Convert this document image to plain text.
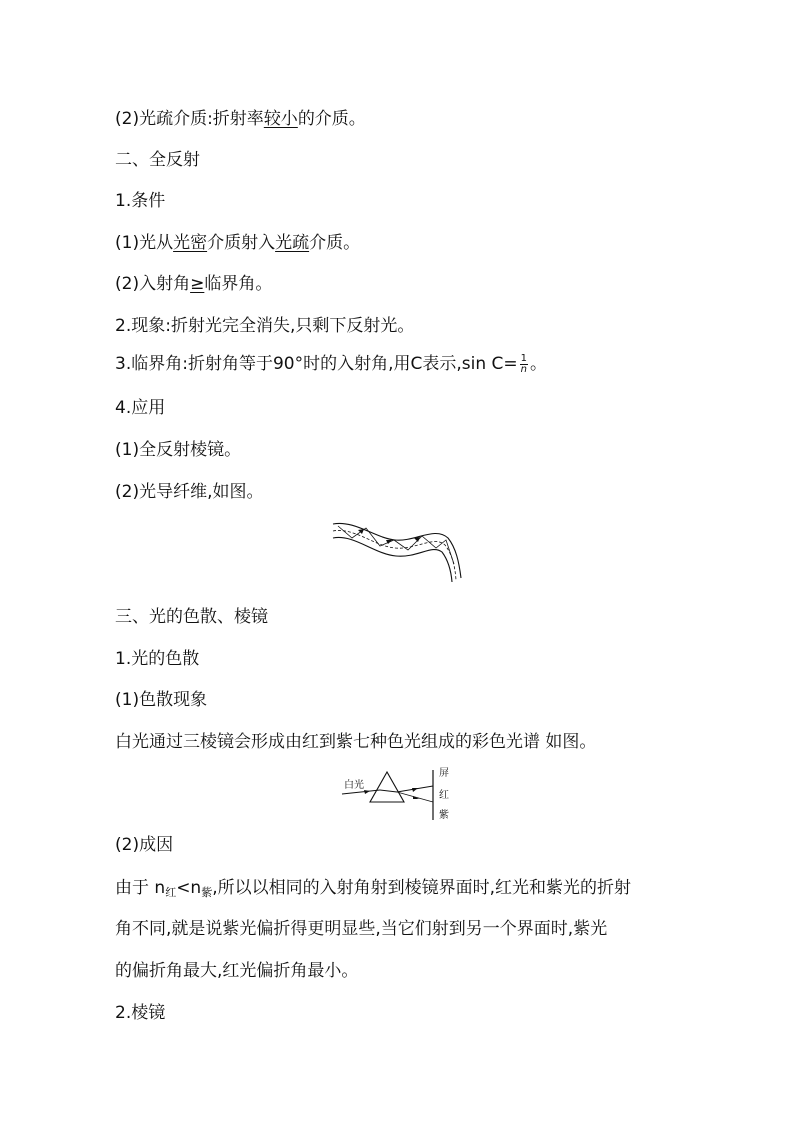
(2)光疏介质:折射率较小的介质。
二、全反射
1.条件
(1)光从光密介质射入光疏介质。
(2)入射角≥临界角。
2.现象:折射光完全消失,只剩下反射光。
3.临界角:折射角等于90°时的入射角,用C表示,sin $C= \frac{1}{n}$ 。
4.应用
(1)全反射棱镜。
(2)光导纤维,如图。
三、光的色散、棱镜
1.光的色散
(1)色散现象
白光通过三棱镜会形成由红到紫七种色光组成的彩色光谱 如图。
白光
屏
红
紫
(2)成因
由于 $n_红<n_紫$,所以以相同的入射角射到棱镜界面时,红光和紫光的折射
角不同,就是说紫光偏折得更明显些,当它们射到另一个界面时,紫光
的偏折角最大,红光偏折角最小。
2.棱镜
